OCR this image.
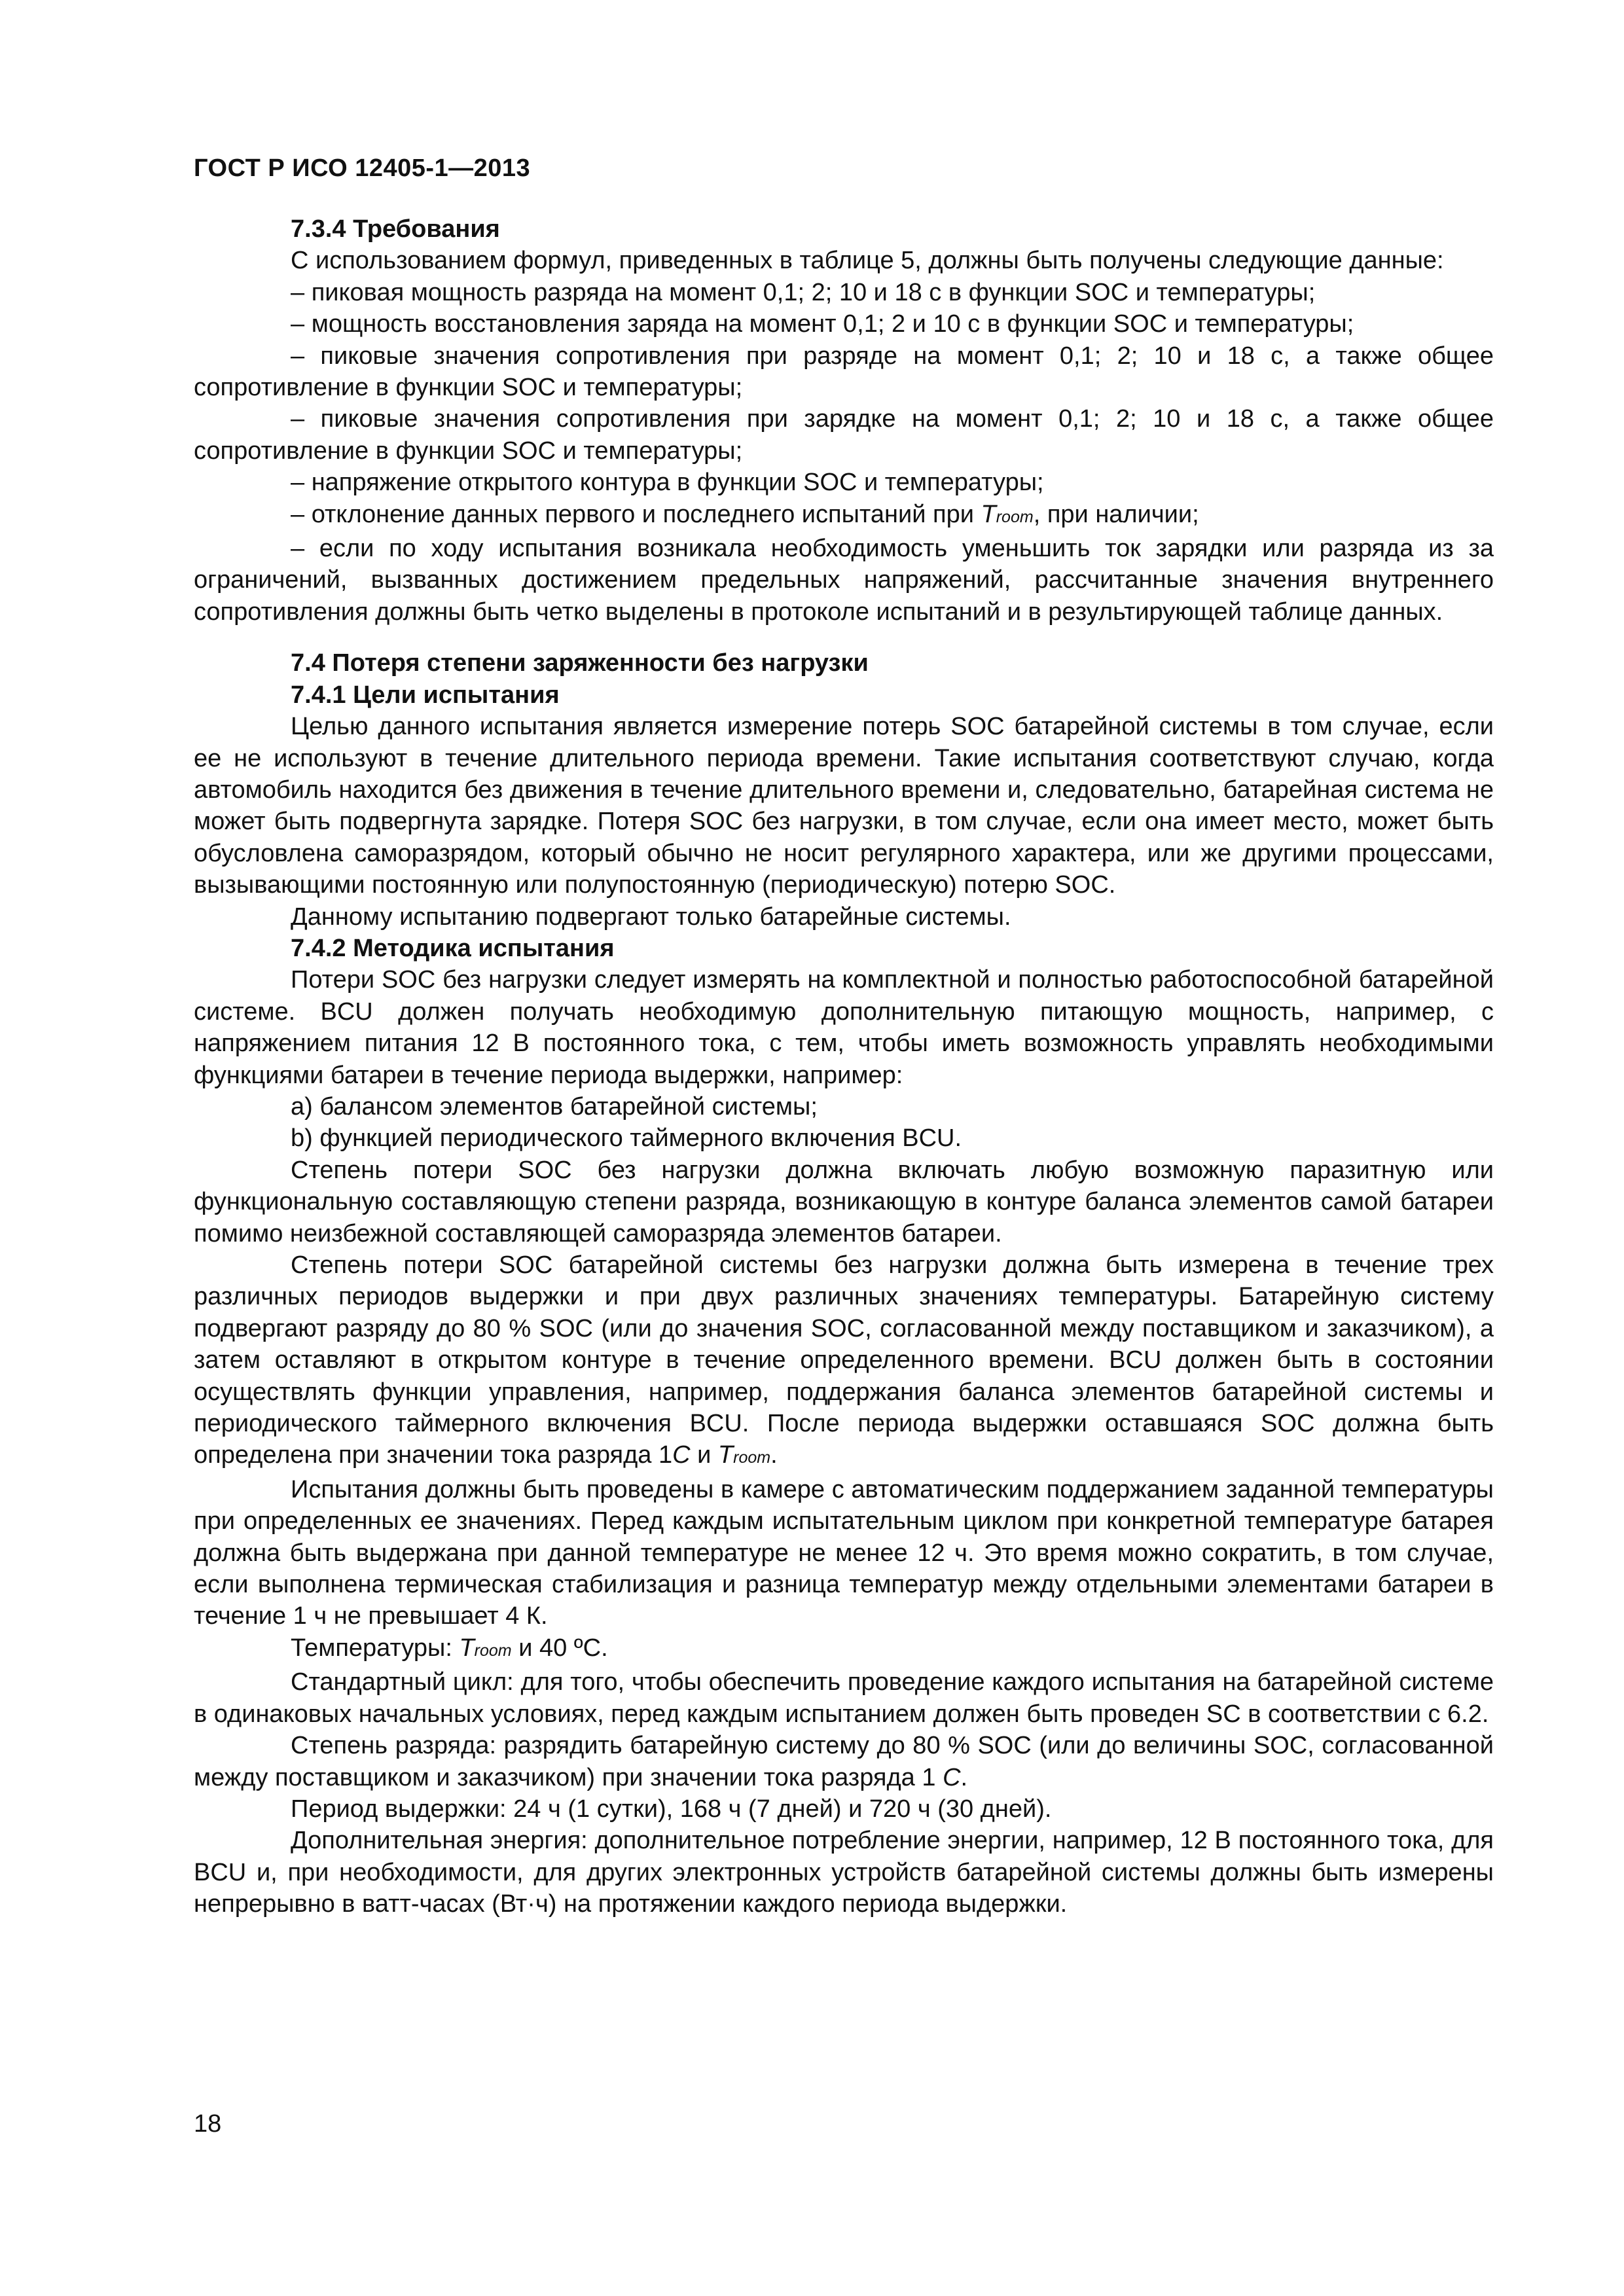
ГОСТ Р ИСО 12405-1—2013
7.3.4 Требования

С использованием формул, приведенных в таблице 5, должны быть получены следующие данные:

– пиковая мощность разряда на момент 0,1; 2; 10 и 18 с в функции SOC и температуры;

– мощность восстановления заряда на момент 0,1; 2 и 10 с в функции SOC и температуры;

– пиковые значения сопротивления при разряде на момент 0,1; 2; 10 и 18 с, а также общее сопротивление в функции SOC и температуры;

– пиковые значения сопротивления при зарядке на момент 0,1; 2; 10 и 18 с, а также общее сопротивление в функции SOC и температуры;

– напряжение открытого контура в функции SOC и температуры;

– отклонение данных первого и последнего испытаний при Troom, при наличии;

– если по ходу испытания возникала необходимость уменьшить ток зарядки или разряда из за ограничений, вызванных достижением предельных напряжений, рассчитанные значения внутреннего сопротивления должны быть четко выделены в протоколе испытаний и в результирующей таблице данных.

7.4 Потеря степени заряженности без нагрузки
7.4.1 Цели испытания

Целью данного испытания является измерение потерь SOC батарейной системы в том случае, если ее не используют в течение длительного периода времени. Такие испытания соответствуют случаю, когда автомобиль находится без движения в течение длительного времени и, следовательно, батарейная система не может быть подвергнута зарядке. Потеря SOC без нагрузки, в том случае, если она имеет место, может быть обусловлена саморазрядом, который обычно не носит регулярного характера, или же другими процессами, вызывающими постоянную или полупостоянную (периодическую) потерю SOC.

Данному испытанию подвергают только батарейные системы.

7.4.2 Методика испытания

Потери SOC без нагрузки следует измерять на комплектной и полностью работоспособной батарейной системе. BCU должен получать необходимую дополнительную питающую мощность, например, с напряжением питания 12 В постоянного тока, с тем, чтобы иметь возможность управлять необходимыми функциями батареи в течение периода выдержки, например:

a) балансом элементов батарейной системы;

b) функцией периодического таймерного включения BCU.

Степень потери SOC без нагрузки должна включать любую возможную паразитную или функциональную составляющую степени разряда, возникающую в контуре баланса элементов самой батареи помимо неизбежной составляющей саморазряда элементов батареи.

Степень потери SOC батарейной системы без нагрузки должна быть измерена в течение трех различных периодов выдержки и при двух различных значениях температуры. Батарейную систему подвергают разряду до 80 % SOC (или до значения SOC, согласованной между поставщиком и заказчиком), а затем оставляют в открытом контуре в течение определенного времени. BCU должен быть в состоянии осуществлять функции управления, например, поддержания баланса элементов батарейной системы и периодического таймерного включения BCU. После периода выдержки оставшаяся SOC должна быть определена при значении тока разряда 1C и Troom.

Испытания должны быть проведены в камере с автоматическим поддержанием заданной температуры при определенных ее значениях. Перед каждым испытательным циклом при конкретной температуре батарея должна быть выдержана при данной температуре не менее 12 ч. Это время можно сократить, в том случае, если выполнена термическая стабилизация и разница температур между отдельными элементами батареи в течение 1 ч не превышает 4 К.

Температуры: Troom и 40 ºС.

Стандартный цикл: для того, чтобы обеспечить проведение каждого испытания на батарейной системе в одинаковых начальных условиях, перед каждым испытанием должен быть проведен SC в соответствии с 6.2.

Степень разряда: разрядить батарейную систему до 80 % SOC (или до величины SOC, согласованной между поставщиком и заказчиком) при значении тока разряда 1 C.

Период выдержки: 24 ч (1 сутки), 168 ч (7 дней) и 720 ч (30 дней).

Дополнительная энергия: дополнительное потребление энергии, например, 12 В постоянного тока, для BCU и, при необходимости, для других электронных устройств батарейной системы должны быть измерены непрерывно в ватт-часах (Вт·ч) на протяжении каждого периода выдержки.

18
